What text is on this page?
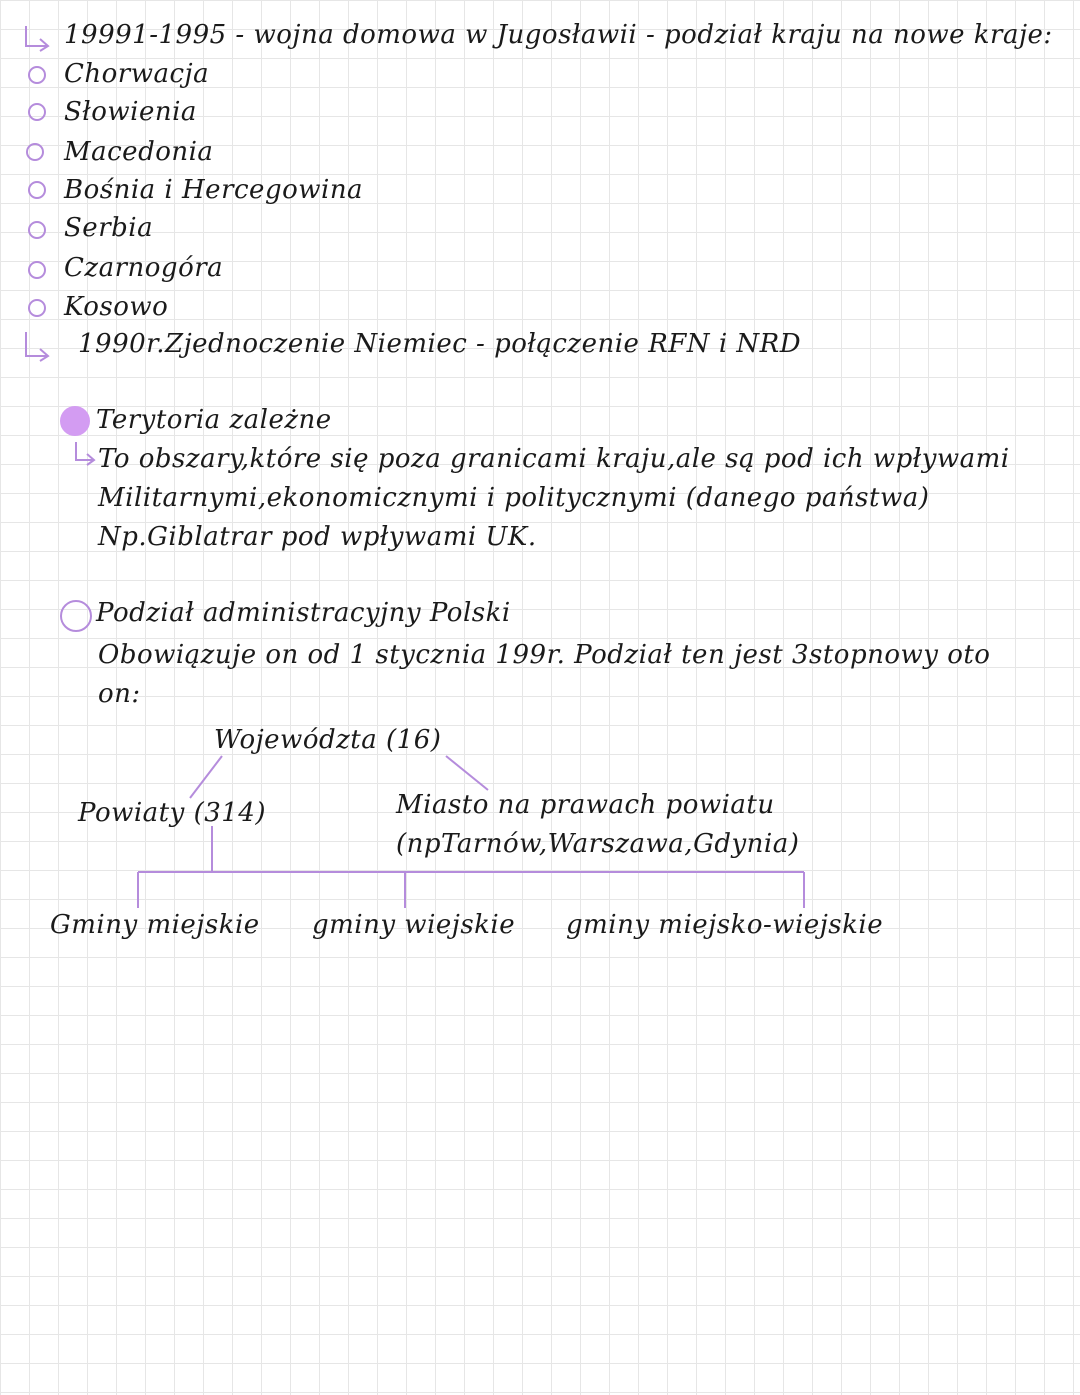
19991-1995 - wojna domowa w Jugosławii - podział kraju na nowe kraje:
Chorwacja
Słowienia
Macedonia
Bośnia i Hercegowina
Serbia
Czarnogóra
Kosowo
1990r.Zjednoczenie Niemiec - połączenie RFN i NRD
Terytoria zależne
To obszary,które się poza granicami kraju,ale są pod ich wpływami
Militarnymi,ekonomicznymi i politycznymi (danego państwa)
Np.Giblatrar pod wpływami UK.
Podział administracyjny Polski
Obowiązuje on od 1 stycznia 199r. Podział ten jest 3stopnowy oto
on:
Województa (16)
Powiaty (314)	Miasto na prawach powiatu
(npTarnów,Warszawa,Gdynia)
Gminy miejskie gminy wiejskie gminy miejsko-wiejskie
